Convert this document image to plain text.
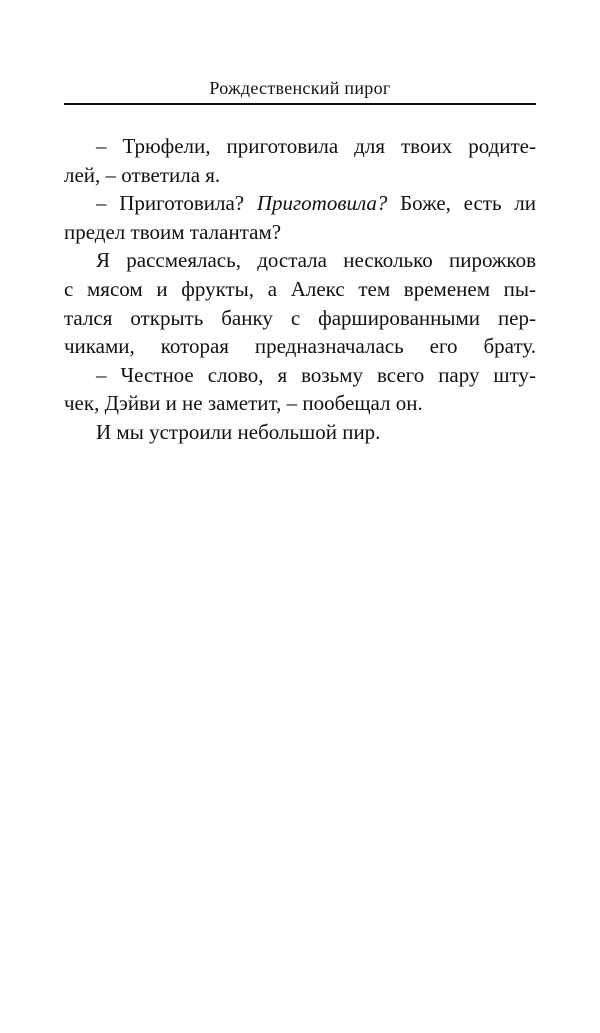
Рождественский пирог
– Трюфели, приготовила для твоих родите-
лей, – ответила я.
– Приготовила? Приготовила? Боже, есть ли
предел твоим талантам?
Я рассмеялась, достала несколько пирожков
с мясом и фрукты, а Алекс тем временем пы-
тался открыть банку с фаршированными пер-
чиками, которая предназначалась его брату.
– Честное слово, я возьму всего пару шту-
чек, Дэйви и не заметит, – пообещал он.
И мы устроили небольшой пир.
